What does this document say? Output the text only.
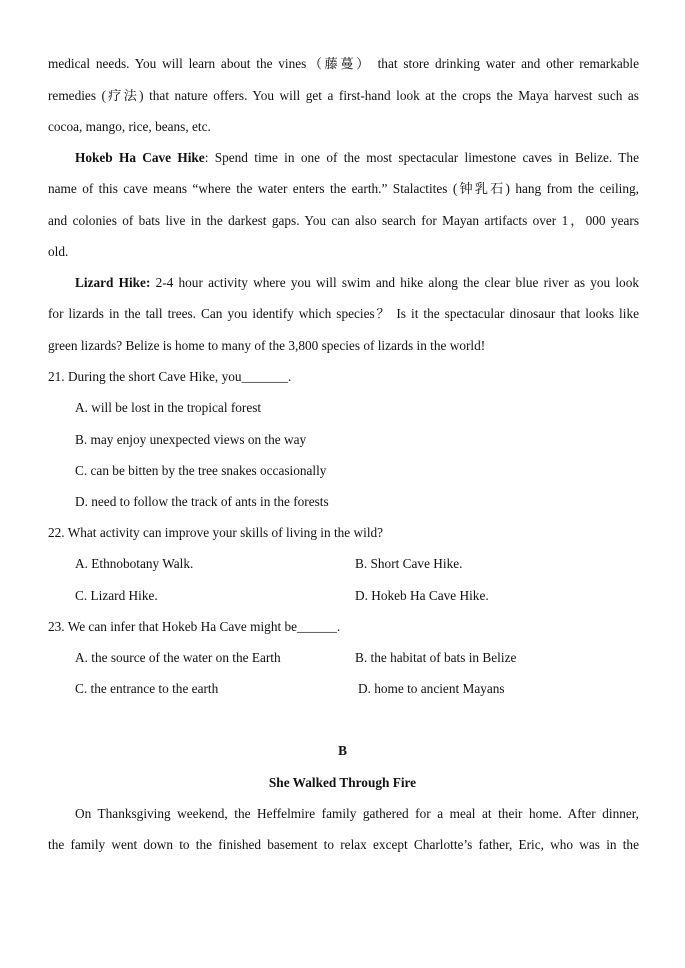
medical needs. You will learn about the vines（藤蔓） that store drinking water and other remarkable
remedies (疗法) that nature offers. You will get a first-hand look at the crops the Maya harvest such as
cocoa, mango, rice, beans, etc.
Hokeb Ha Cave Hike: Spend time in one of the most spectacular limestone caves in Belize. The
name of this cave means “where the water enters the earth.” Stalactites (钟乳石) hang from the ceiling,
and colonies of bats live in the darkest gaps. You can also search for Mayan artifacts over 1，000 years
old.
Lizard Hike: 2-4 hour activity where you will swim and hike along the clear blue river as you look
for lizards in the tall trees. Can you identify which species？ Is it the spectacular dinosaur that looks like
green lizards? Belize is home to many of the 3,800 species of lizards in the world!
21. During the short Cave Hike, you_______.
A. will be lost in the tropical forest
B. may enjoy unexpected views on the way
C. can be bitten by the tree snakes occasionally
D. need to follow the track of ants in the forests
22. What activity can improve your skills of living in the wild?
A. Ethnobotany Walk.	B. Short Cave Hike.
C. Lizard Hike.	D. Hokeb Ha Cave Hike.
23. We can infer that Hokeb Ha Cave might be______.
A. the source of the water on the Earth	B. the habitat of bats in Belize
C. the entrance to the earth	D. home to ancient Mayans
B
She Walked Through Fire
On Thanksgiving weekend, the Heffelmire family gathered for a meal at their home. After dinner,
the family went down to the finished basement to relax except Charlotte’s father, Eric, who was in the
